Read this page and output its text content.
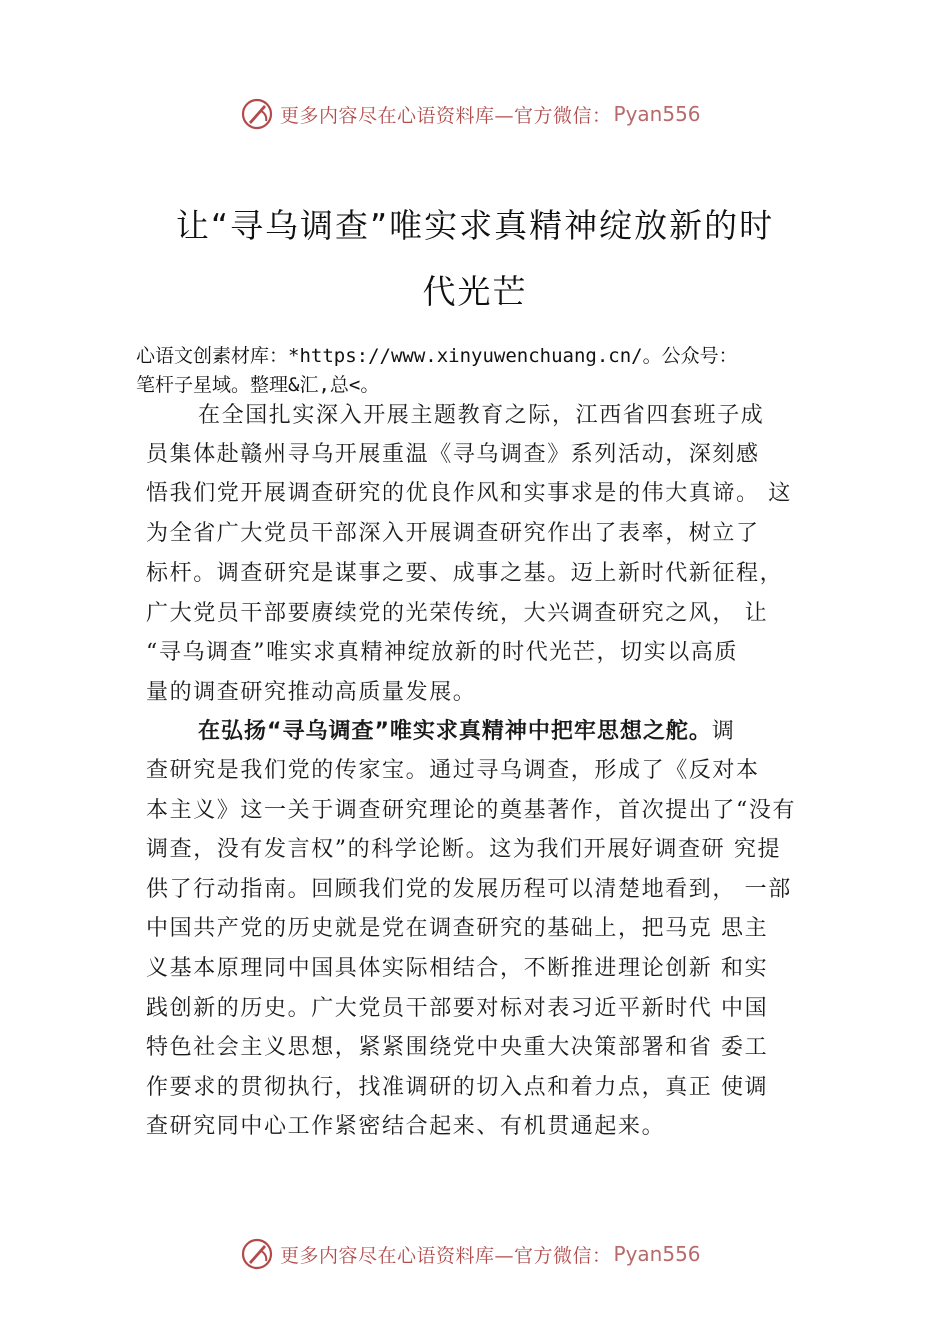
更多内容尽在心语资料库—官方微信： Pyan556
让“寻乌调查”唯实求真精神绽放新的时
代光芒
心语文创素材库：*https://www.xinyuwenchuang.cn/。公众号：
笔杆子星域。整理&汇,总<。
在全国扎实深入开展主题教育之际，江西省四套班子成
员集体赴赣州寻乌开展重温《寻乌调查》系列活动，深刻感
悟我们党开展调查研究的优良作风和实事求是的伟大真谛。 这
为全省广大党员干部深入开展调查研究作出了表率，树立了
标杆。调查研究是谋事之要、成事之基。迈上新时代新征程，
广大党员干部要赓续党的光荣传统，大兴调查研究之风， 让
“寻乌调查”唯实求真精神绽放新的时代光芒，切实以高质
量的调查研究推动高质量发展。
在弘扬“寻乌调查”唯实求真精神中把牢思想之舵。调
查研究是我们党的传家宝。通过寻乌调查，形成了《反对本
本主义》这一关于调查研究理论的奠基著作，首次提出了“没有
调查，没有发言权”的科学论断。这为我们开展好调查研 究提
供了行动指南。回顾我们党的发展历程可以清楚地看到， 一部
中国共产党的历史就是党在调查研究的基础上，把马克 思主
义基本原理同中国具体实际相结合，不断推进理论创新 和实
践创新的历史。广大党员干部要对标对表习近平新时代 中国
特色社会主义思想，紧紧围绕党中央重大决策部署和省 委工
作要求的贯彻执行，找准调研的切入点和着力点，真正 使调
查研究同中心工作紧密结合起来、有机贯通起来。
更多内容尽在心语资料库—官方微信： Pyan556
